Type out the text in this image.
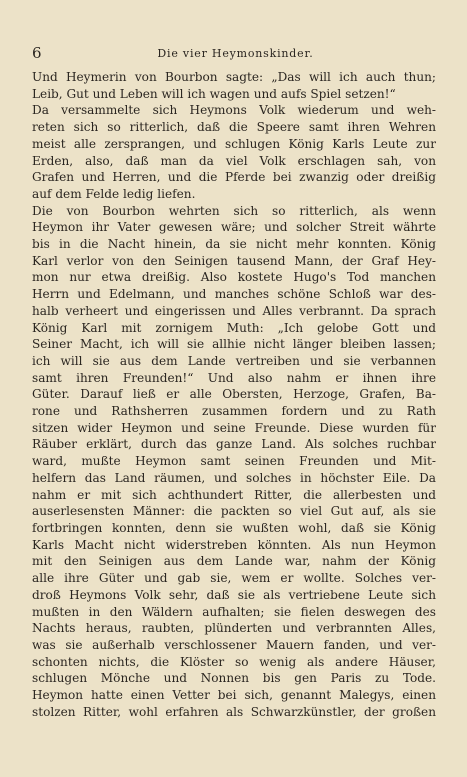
6	Die vier Heymonskinder.
Und Heymerin von Bourbon sagte: „Das will ich auch thun;
Leib, Gut und Leben will ich wagen und aufs Spiel setzen!“
Da versammelte sich Heymons Volk wiederum und weh-
reten sich so ritterlich, daß die Speere samt ihren Wehren
meist alle zersprangen, und schlugen König Karls Leute zur
Erden, also, daß man da viel Volk erschlagen sah, von
Grafen und Herren, und die Pferde bei zwanzig oder dreißig
auf dem Felde ledig liefen.
Die von Bourbon wehrten sich so ritterlich, als wenn
Heymon ihr Vater gewesen wäre; und solcher Streit währte
bis in die Nacht hinein, da sie nicht mehr konnten. König
Karl verlor von den Seinigen tausend Mann, der Graf Hey-
mon nur etwa dreißig. Also kostete Hugo's Tod manchen
Herrn und Edelmann, und manches schöne Schloß war des-
halb verheert und eingerissen und Alles verbrannt. Da sprach
König Karl mit zornigem Muth: „Ich gelobe Gott und
Seiner Macht, ich will sie allhie nicht länger bleiben lassen;
ich will sie aus dem Lande vertreiben und sie verbannen
samt ihren Freunden!“ Und also nahm er ihnen ihre
Güter. Darauf ließ er alle Obersten, Herzoge, Grafen, Ba-
rone und Rathsherren zusammen fordern und zu Rath
sitzen wider Heymon und seine Freunde. Diese wurden für
Räuber erklärt, durch das ganze Land. Als solches ruchbar
ward, mußte Heymon samt seinen Freunden und Mit-
helfern das Land räumen, und solches in höchster Eile. Da
nahm er mit sich achthundert Ritter, die allerbesten und
auserlesensten Männer: die packten so viel Gut auf, als sie
fortbringen konnten, denn sie wußten wohl, daß sie König
Karls Macht nicht widerstreben könnten. Als nun Heymon
mit den Seinigen aus dem Lande war, nahm der König
alle ihre Güter und gab sie, wem er wollte. Solches ver-
droß Heymons Volk sehr, daß sie als vertriebene Leute sich
mußten in den Wäldern aufhalten; sie fielen deswegen des
Nachts heraus, raubten, plünderten und verbrannten Alles,
was sie außerhalb verschlossener Mauern fanden, und ver-
schonten nichts, die Klöster so wenig als andere Häuser,
schlugen Mönche und Nonnen bis gen Paris zu Tode.
Heymon hatte einen Vetter bei sich, genannt Malegys, einen
stolzen Ritter, wohl erfahren als Schwarzkünstler, der großen
